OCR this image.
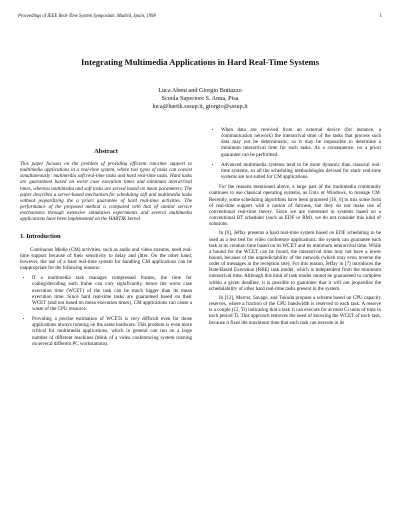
Proceedings of IEEE Real-Time System Symposium, Madrid, Spain, 1998	1
Integrating Multimedia Applications in Hard Real-Time Systems
Luca Abeni and Giorgio Buttazzo
Scuola Superiore S. Anna, Pisa
luca@hartik.sssup.it, giorgio@sssup.it
Abstract

This paper focuses on the problem of providing efficient run-time support to multimedia applications in a real-time system, where two types of tasks can coexist simultaneously: multimedia soft real-time tasks and hard real-time tasks. Hard tasks are guaranteed based on worst case execution times and minimum interarrival times, whereas multimedia and soft tasks are served based on mean parameters. The paper describes a server-based mechanism for scheduling soft and multimedia tasks without jeopardizing the a priori guarantee of hard real-time activities. The performance of the proposed method is compared with that of similar service mechanisms through extensive simulation experiments and several multimedia applications have been implemented on the HARTIK kernel.

1. Introduction

Continuous Media (CM) activities, such as audio and video streams, need real-time support because of their sensitivity to delay and jitter. On the other hand, however, the use of a hard real-time system for handling CM applications can be inappropriate for the following reasons:

• If a multimedia task manages compressed frames, the time for coding/decoding each frame can vary significantly, hence the worst case execution time (WCET) of the task can be much bigger than its mean execution time. Since hard real-time tasks are guaranteed based on their WCET (and not based on mean execution times), CM applications can cause a waste of the CPU resource.
• Providing a precise estimation of WCETs is very difficult even for those applications always running on the same hardware. This problem is even more critical for multimedia applications, which in general can run on a large number of different machines (think of a video conferencing system running on several different PC workstations).
• When data are received from an external device (for instance, a communication network) the interarrival time of the tasks that process such data may not be deterministic, so it may be impossible to determine a minimum interarrival time for such tasks. As a consequence, no a priori guarantee can be performed.
• Advanced multimedia systems tend to be more dynamic than classical real-time systems, so all the scheduling methodologies devised for static real-time systems are not suited for CM applications.

For the reasons mentioned above, a large part of the multimedia community continues to use classical operating systems, as Unix or Windows, to manage CM. Recently, some scheduling algorithms have been proposed [16, 6] to mix some form of real-time support with a notion of fairness, but they do not make use of conventional real-time theory. Since we are interested in systems based on a conventional RT scheduler (such as EDF or RM), we do not consider this kind of solutions.

In [8], Jeffay presents a hard real-time system based on EDF scheduling to be used as a test bed for video conference applications: the system can guarantee each task at its creation time based on its WCET and its minimum interarrival time. While a bound for the WCET can be found, the interarrival time may not have a lower bound, because of the unpredictability of the network (which may even reverse the order of messages at the reception site). For this reason, Jeffay in [7] introduces the Rate-Based Execution (RBE) task model, which is independent from the minimum interarrival time. Although this kind of task model cannot be guaranteed to complete within a given deadline, it is possible to guarantee that it will not jeopardize the schedulability of other hard real-time tasks present in the system.

In [12], Mercer, Savage, and Tokuda propose a scheme based on CPU capacity reserves, where a fraction of the CPU bandwidth is reserved to each task. A reserve is a couple (Ci, Ti) indicating that a task τi can execute for at most Ci units of time in each period Ti. This approach removes the need of knowing the WCET of each task, because it fixes the maximum time that each task can execute in its
